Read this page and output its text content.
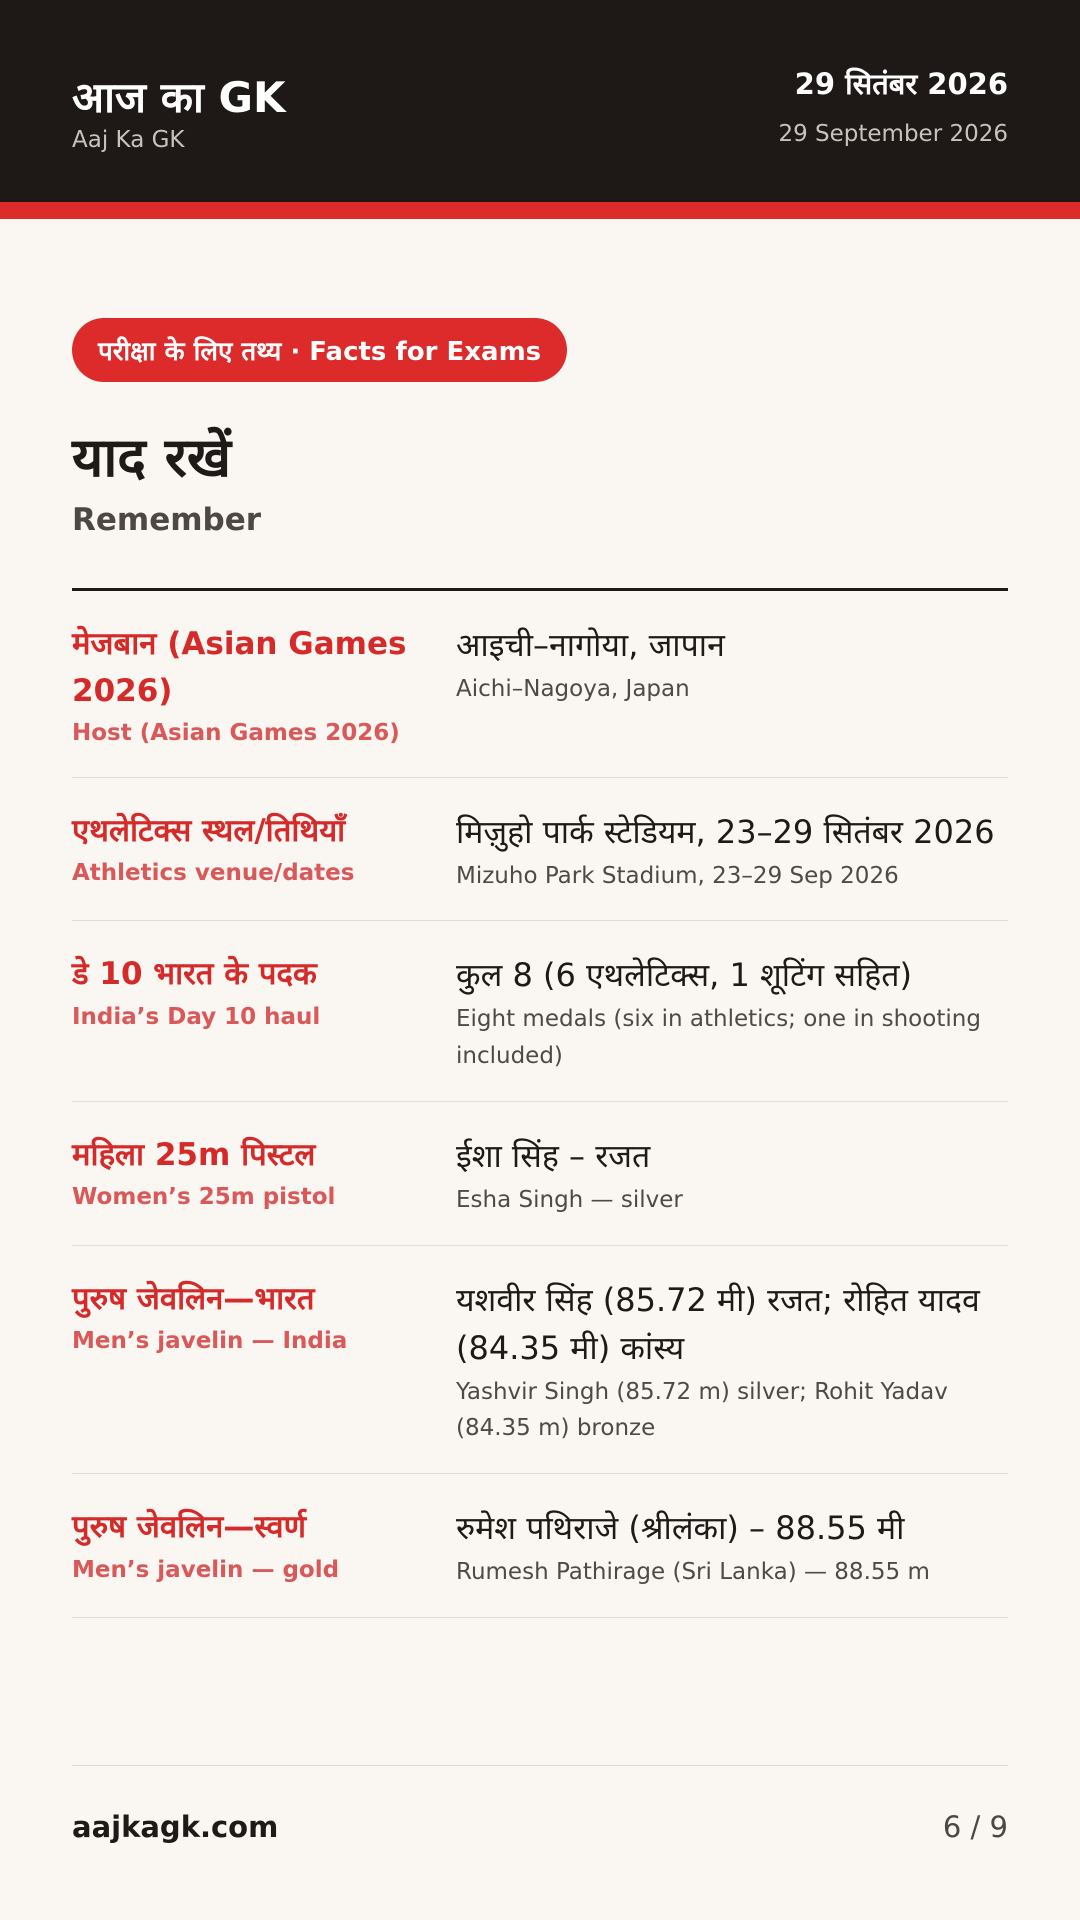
आज का GK
Aaj Ka GK
29 सितंबर 2026
29 September 2026
परीक्षा के लिए तथ्य · Facts for Exams
याद रखें
Remember
मेजबान (Asian Games 2026)
Host (Asian Games 2026)
आइची–नागोया, जापान
Aichi–Nagoya, Japan
एथलेटिक्स स्थल/तिथियाँ
Athletics venue/dates
मिज़ुहो पार्क स्टेडियम, 23–29 सितंबर 2026
Mizuho Park Stadium, 23–29 Sep 2026
डे 10 भारत के पदक
India’s Day 10 haul
कुल 8 (6 एथलेटिक्स, 1 शूटिंग सहित)
Eight medals (six in athletics; one in shooting included)
महिला 25m पिस्टल
Women’s 25m pistol
ईशा सिंह – रजत
Esha Singh — silver
पुरुष जेवलिन—भारत
Men’s javelin — India
यशवीर सिंह (85.72 मी) रजत; रोहित यादव (84.35 मी) कांस्य
Yashvir Singh (85.72 m) silver; Rohit Yadav (84.35 m) bronze
पुरुष जेवलिन—स्वर्ण
Men’s javelin — gold
रुमेश पथिराजे (श्रीलंका) – 88.55 मी
Rumesh Pathirage (Sri Lanka) — 88.55 m
aajkagk.com	6 / 9
